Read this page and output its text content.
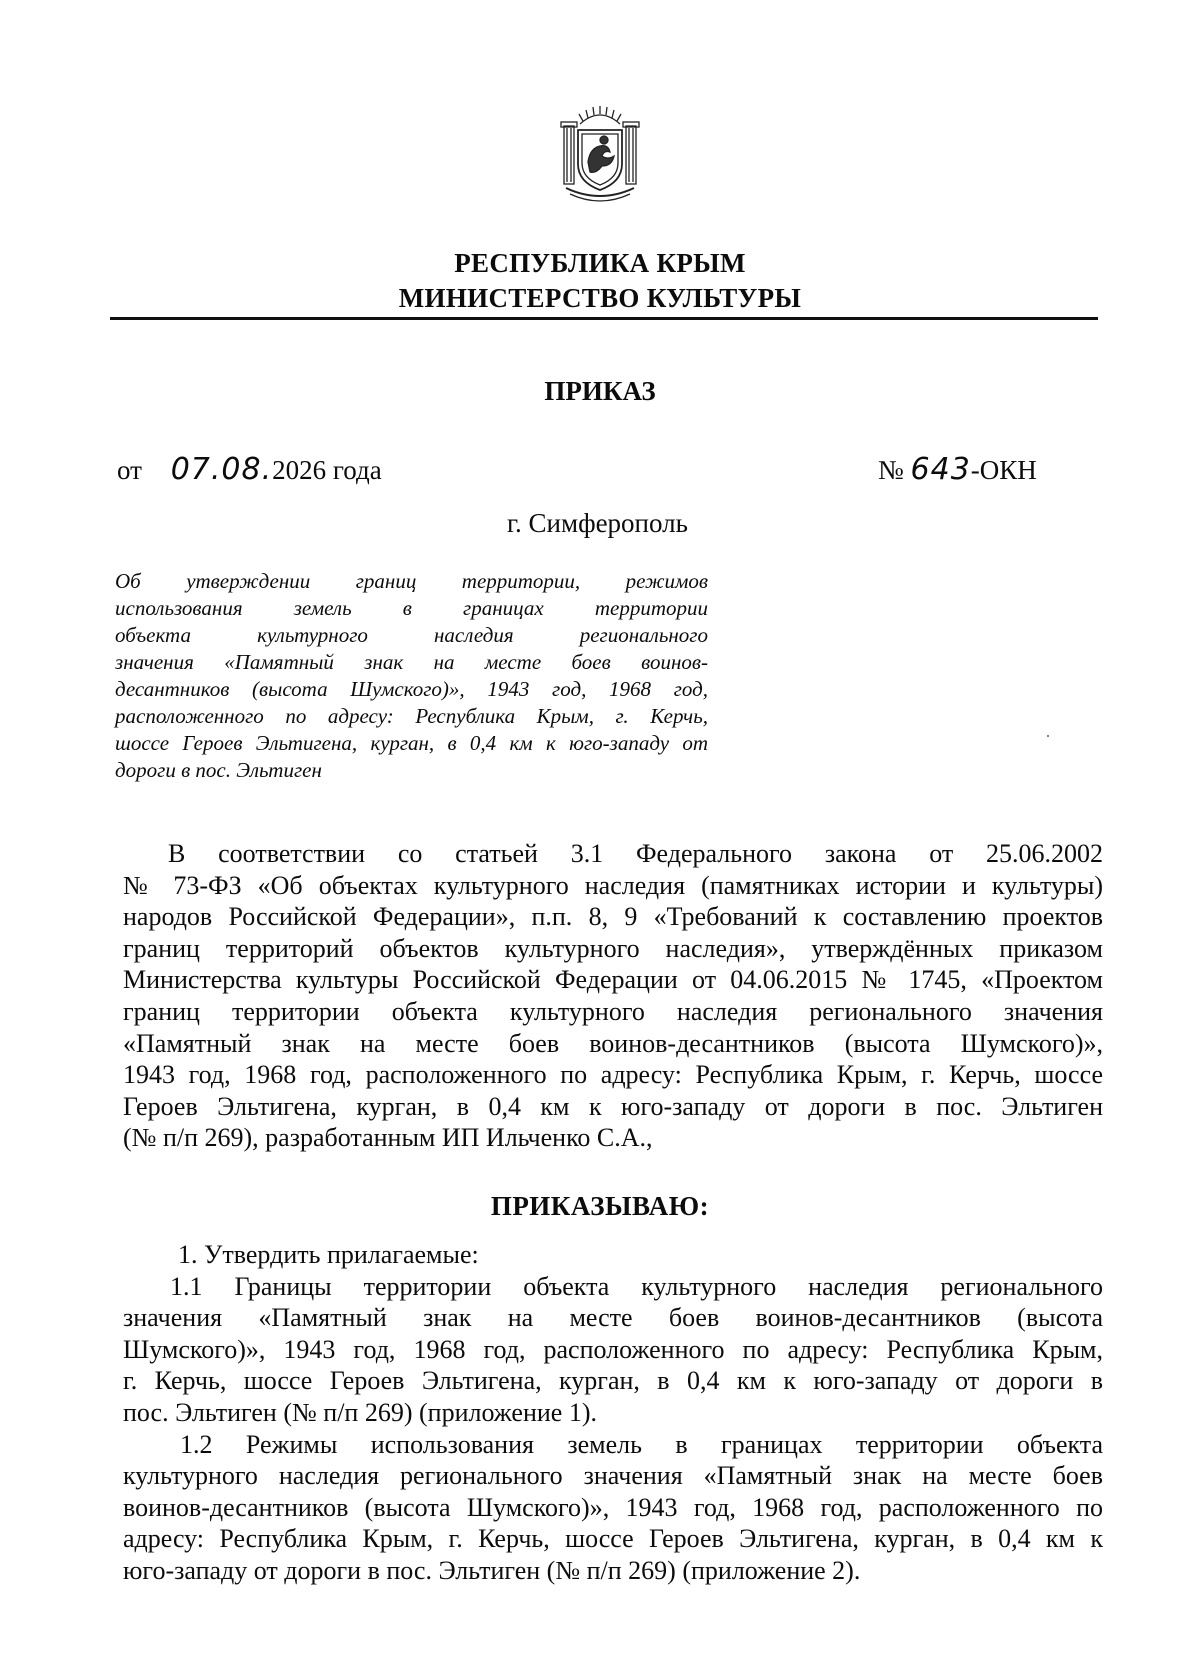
РЕСПУБЛИКА КРЫМ
МИНИСТЕРСТВО КУЛЬТУРЫ
ПРИКАЗ
от 07.08.2026 года	№ 643-ОКН
г. Симферополь

Об утверждении границ территории, режимов

использования земель в границах территории

объекта культурного наследия регионального

значения «Памятный знак на месте боев воинов-

десантников (высота Шумского)», 1943 год, 1968 год,

расположенного по адресу: Республика Крым, г. Керчь,

шоссе Героев Эльтигена, курган, в 0,4 км к юго-западу от

дороги в пос. Эльтиген

В соответствии со статьей 3.1 Федерального закона от 25.06.2002

№ 73-ФЗ «Об объектах культурного наследия (памятниках истории и культуры)

народов Российской Федерации», п.п. 8, 9 «Требований к составлению проектов

границ территорий объектов культурного наследия», утверждённых приказом

Министерства культуры Российской Федерации от 04.06.2015 № 1745, «Проектом

границ территории объекта культурного наследия регионального значения

«Памятный знак на месте боев воинов-десантников (высота Шумского)»,

1943 год, 1968 год, расположенного по адресу: Республика Крым, г. Керчь, шоссе

Героев Эльтигена, курган, в 0,4 км к юго-западу от дороги в пос. Эльтиген

(№ п/п 269), разработанным ИП Ильченко С.А.,

ПРИКАЗЫВАЮ:

1. Утвердить прилагаемые:

1.1 Границы территории объекта культурного наследия регионального

значения «Памятный знак на месте боев воинов-десантников (высота

Шумского)», 1943 год, 1968 год, расположенного по адресу: Республика Крым,

г. Керчь, шоссе Героев Эльтигена, курган, в 0,4 км к юго-западу от дороги в

пос. Эльтиген (№ п/п 269) (приложение 1).

1.2 Режимы использования земель в границах территории объекта

культурного наследия регионального значения «Памятный знак на месте боев

воинов-десантников (высота Шумского)», 1943 год, 1968 год, расположенного по

адресу: Республика Крым, г. Керчь, шоссе Героев Эльтигена, курган, в 0,4 км к

юго-западу от дороги в пос. Эльтиген (№ п/п 269) (приложение 2).
